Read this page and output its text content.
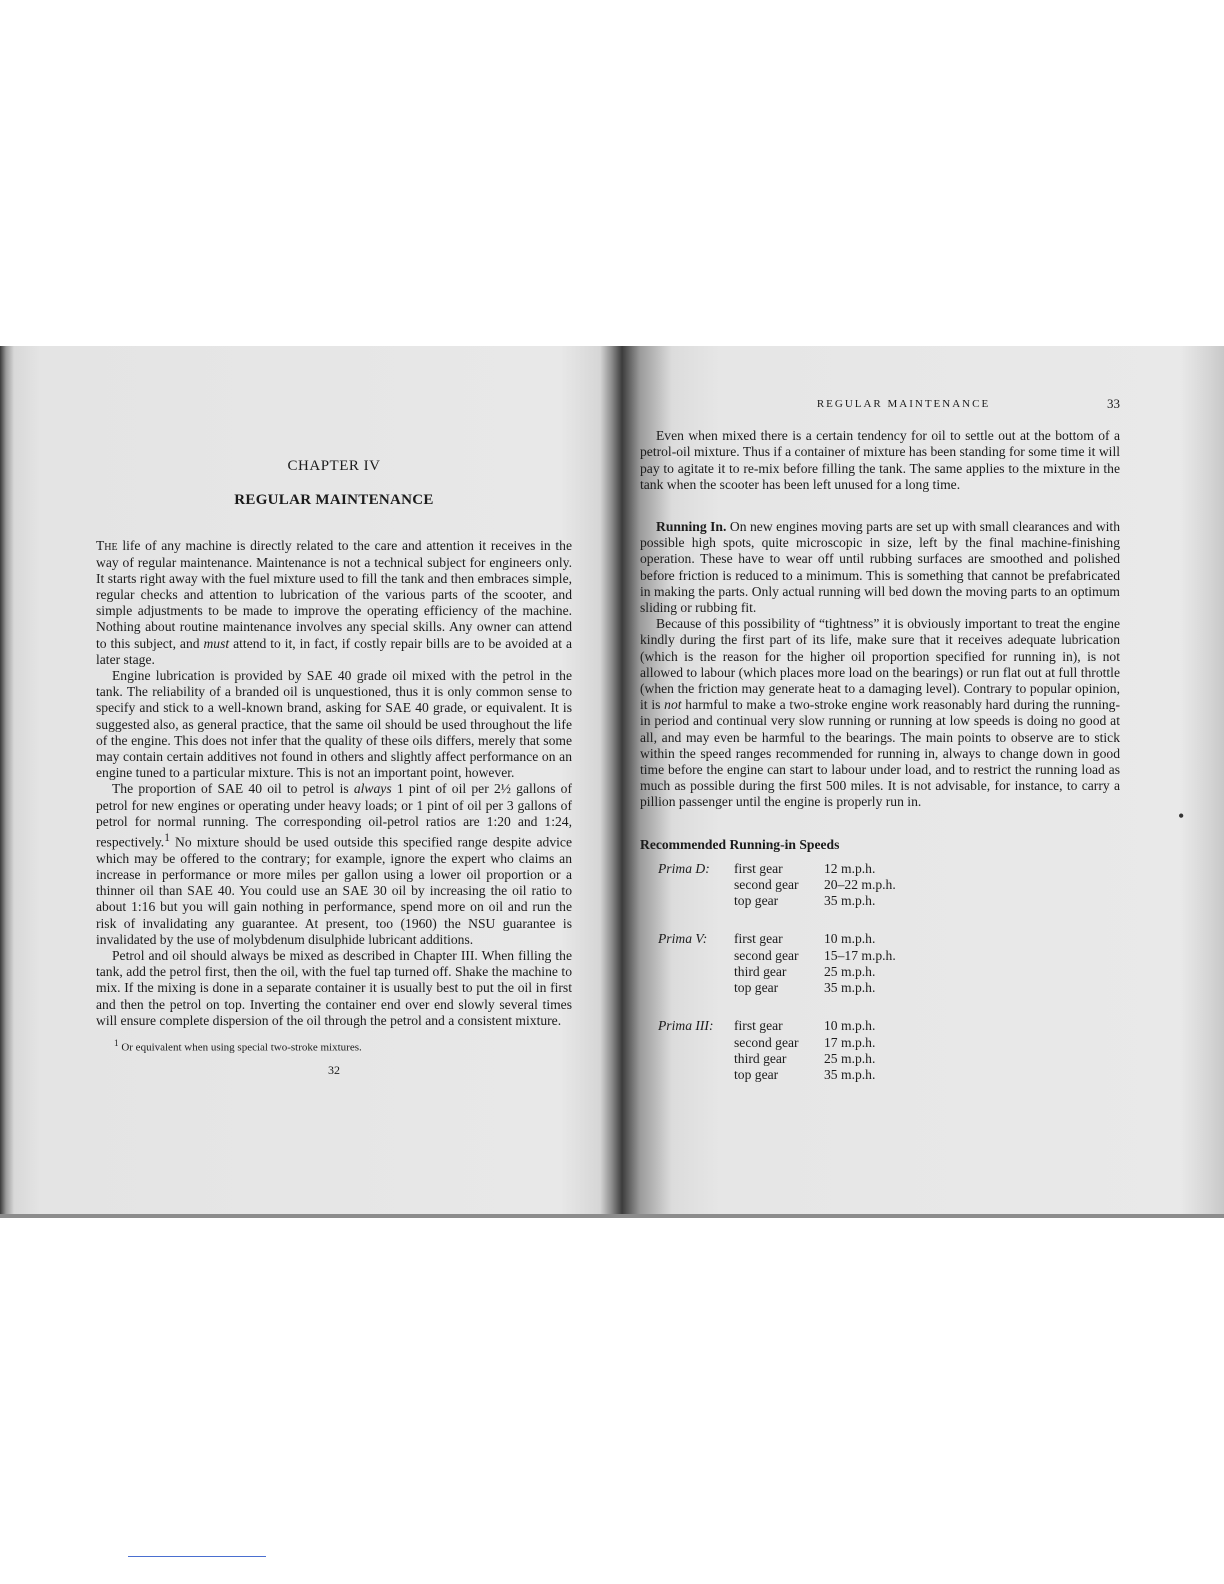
CHAPTER IV
REGULAR MAINTENANCE

The life of any machine is directly related to the care and attention it receives in the way of regular maintenance. Maintenance is not a technical subject for engineers only. It starts right away with the fuel mixture used to fill the tank and then embraces simple, regular checks and attention to lubrication of the various parts of the scooter, and simple adjustments to be made to improve the operating efficiency of the machine. Nothing about routine maintenance involves any special skills. Any owner can attend to this subject, and must attend to it, in fact, if costly repair bills are to be avoided at a later stage.

Engine lubrication is provided by SAE 40 grade oil mixed with the petrol in the tank. The reliability of a branded oil is unquestioned, thus it is only common sense to specify and stick to a well-known brand, asking for SAE 40 grade, or equivalent. It is suggested also, as general practice, that the same oil should be used throughout the life of the engine. This does not infer that the quality of these oils differs, merely that some may contain certain additives not found in others and slightly affect performance on an engine tuned to a particular mixture. This is not an important point, however.

The proportion of SAE 40 oil to petrol is always 1 pint of oil per 2½ gallons of petrol for new engines or operating under heavy loads; or 1 pint of oil per 3 gallons of petrol for normal running. The corresponding oil-petrol ratios are 1:20 and 1:24, respectively.$^1$ No mixture should be used outside this specified range despite advice which may be offered to the contrary; for example, ignore the expert who claims an increase in performance or more miles per gallon using a lower oil proportion or a thinner oil than SAE 40. You could use an SAE 30 oil by increasing the oil ratio to about 1:16 but you will gain nothing in performance, spend more on oil and run the risk of invalidating any guarantee. At present, too (1960) the NSU guarantee is invalidated by the use of molybdenum disulphide lubricant additions.

Petrol and oil should always be mixed as described in Chapter III. When filling the tank, add the petrol first, then the oil, with the fuel tap turned off. Shake the machine to mix. If the mixing is done in a separate container it is usually best to put the oil in first and then the petrol on top. Inverting the container end over end slowly several times will ensure complete dispersion of the oil through the petrol and a consistent mixture.

$^1$ Or equivalent when using special two-stroke mixtures.
32
REGULAR MAINTENANCE	33

Even when mixed there is a certain tendency for oil to settle out at the bottom of a petrol-oil mixture. Thus if a container of mixture has been standing for some time it will pay to agitate it to re-mix before filling the tank. The same applies to the mixture in the tank when the scooter has been left unused for a long time.

Running In. On new engines moving parts are set up with small clearances and with possible high spots, quite microscopic in size, left by the final machine-finishing operation. These have to wear off until rubbing surfaces are smoothed and polished before friction is reduced to a minimum. This is something that cannot be prefabricated in making the parts. Only actual running will bed down the moving parts to an optimum sliding or rubbing fit.

Because of this possibility of “tightness” it is obviously important to treat the engine kindly during the first part of its life, make sure that it receives adequate lubrication (which is the reason for the higher oil proportion specified for running in), is not allowed to labour (which places more load on the bearings) or run flat out at full throttle (when the friction may generate heat to a damaging level). Contrary to popular opinion, it is not harmful to make a two-stroke engine work reasonably hard during the running-in period and continual very slow running or running at low speeds is doing no good at all, and may even be harmful to the bearings. The main points to observe are to stick within the speed ranges recommended for running in, always to change down in good time before the engine can start to labour under load, and to restrict the running load as much as possible during the first 500 miles. It is not advisable, for instance, to carry a pillion passenger until the engine is properly run in.

Recommended Running-in Speeds
Prima D:	first gear	12 m.p.h.
	second gear	20–22 m.p.h.
	top gear	35 m.p.h.

Prima V:	first gear	10 m.p.h.
	second gear	15–17 m.p.h.
	third gear	25 m.p.h.
	top gear	35 m.p.h.

Prima III:	first gear	10 m.p.h.
	second gear	17 m.p.h.
	third gear	25 m.p.h.
	top gear	35 m.p.h.
•
